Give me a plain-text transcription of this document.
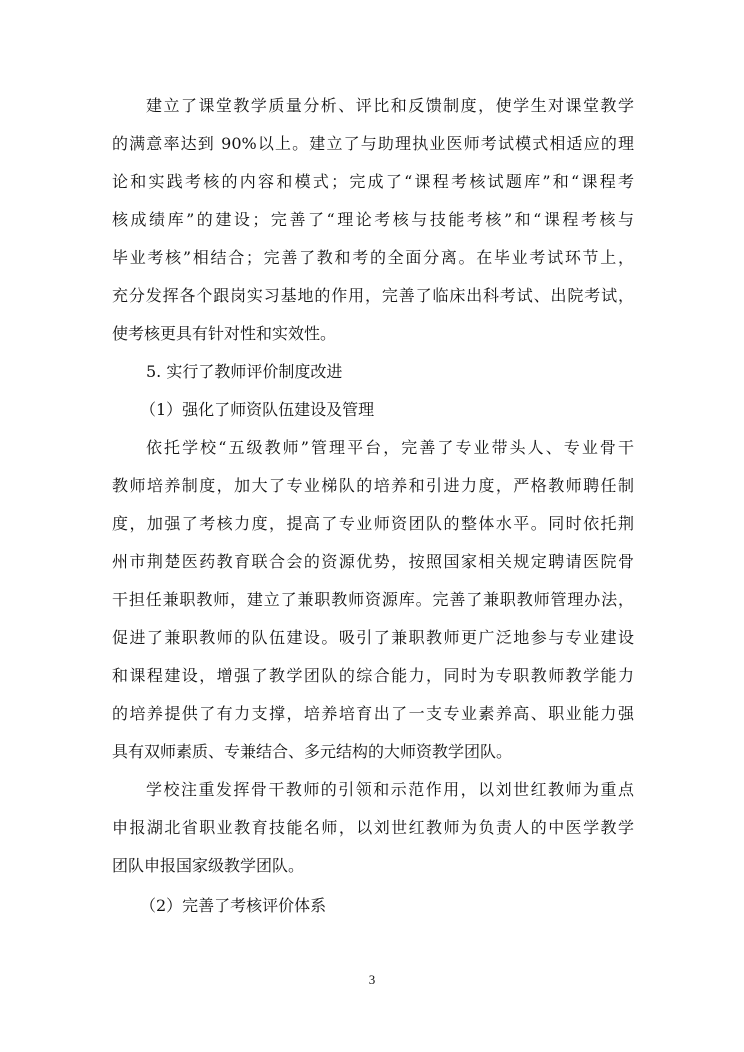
建立了课堂教学质量分析、评比和反馈制度，使学生对课堂教学
的满意率达到 90%以上。建立了与助理执业医师考试模式相适应的理
论和实践考核的内容和模式；完成了“课程考核试题库”和“课程考
核成绩库”的建设；完善了“理论考核与技能考核”和“课程考核与
毕业考核”相结合；完善了教和考的全面分离。在毕业考试环节上，
充分发挥各个跟岗实习基地的作用，完善了临床出科考试、出院考试，
使考核更具有针对性和实效性。
5. 实行了教师评价制度改进
（1）强化了师资队伍建设及管理
依托学校“五级教师”管理平台，完善了专业带头人、专业骨干
教师培养制度，加大了专业梯队的培养和引进力度，严格教师聘任制
度，加强了考核力度，提高了专业师资团队的整体水平。同时依托荆
州市荆楚医药教育联合会的资源优势，按照国家相关规定聘请医院骨
干担任兼职教师，建立了兼职教师资源库。完善了兼职教师管理办法，
促进了兼职教师的队伍建设。吸引了兼职教师更广泛地参与专业建设
和课程建设，增强了教学团队的综合能力，同时为专职教师教学能力
的培养提供了有力支撑，培养培育出了一支专业素养高、职业能力强
具有双师素质、专兼结合、多元结构的大师资教学团队。
学校注重发挥骨干教师的引领和示范作用，以刘世红教师为重点
申报湖北省职业教育技能名师，以刘世红教师为负责人的中医学教学
团队申报国家级教学团队。
（2）完善了考核评价体系
3
